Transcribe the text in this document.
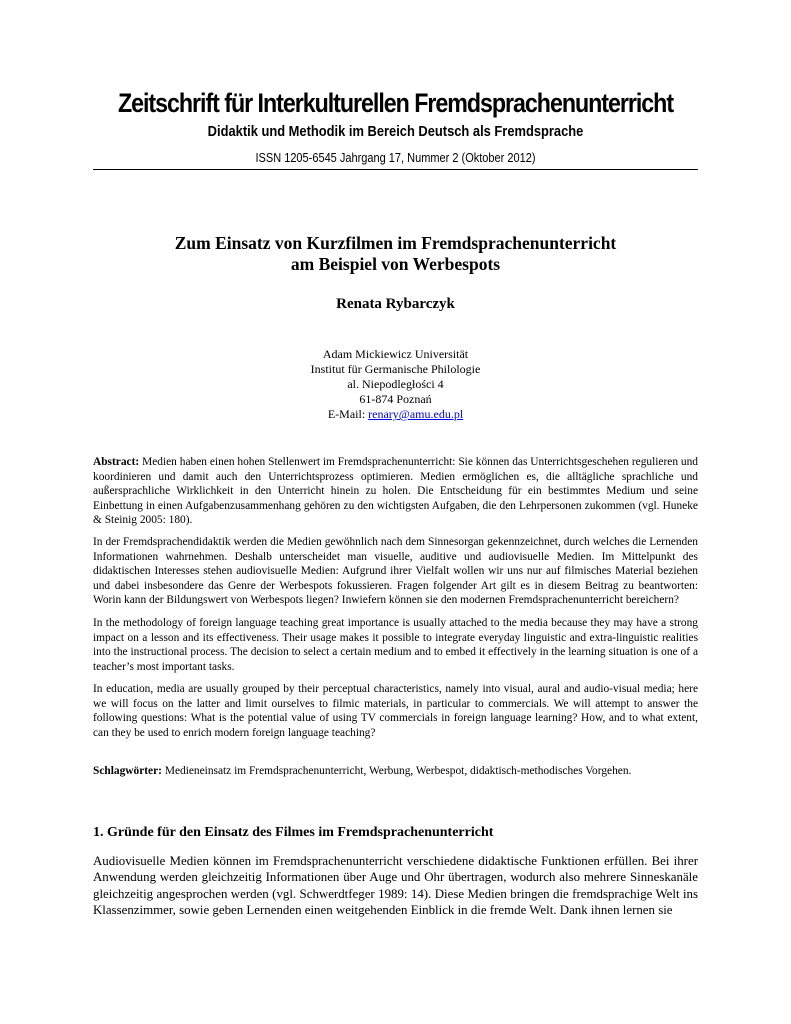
Zeitschrift für Interkulturellen Fremdsprachenunterricht
Didaktik und Methodik im Bereich Deutsch als Fremdsprache
ISSN 1205-6545 Jahrgang 17, Nummer 2 (Oktober 2012)
Zum Einsatz von Kurzfilmen im Fremdsprachenunterricht
am Beispiel von Werbespots
Renata Rybarczyk
Adam Mickiewicz Universität
Institut für Germanische Philologie
al. Niepodległości 4
61-874 Poznań
E-Mail: renary@amu.edu.pl

Abstract: Medien haben einen hohen Stellenwert im Fremdsprachenunterricht: Sie können das Unterrichtsgeschehen regulieren und koordinieren und damit auch den Unterrichtsprozess optimieren. Medien ermöglichen es, die alltägliche sprachliche und außersprachliche Wirklichkeit in den Unterricht hinein zu holen. Die Entscheidung für ein bestimmtes Medium und seine Einbettung in einen Aufgabenzusammenhang gehören zu den wichtigsten Aufgaben, die den Lehrpersonen zukommen (vgl. Huneke & Steinig 2005: 180).

In der Fremdsprachendidaktik werden die Medien gewöhnlich nach dem Sinnesorgan gekennzeichnet, durch welches die Lernenden Informationen wahrnehmen. Deshalb unterscheidet man visuelle, auditive und audiovisuelle Medien. Im Mittelpunkt des didaktischen Interesses stehen audiovisuelle Medien: Aufgrund ihrer Vielfalt wollen wir uns nur auf filmisches Material beziehen und dabei insbesondere das Genre der Werbespots fokussieren. Fragen folgender Art gilt es in diesem Beitrag zu beantworten: Worin kann der Bildungswert von Werbespots liegen? Inwiefern können sie den modernen Fremdsprachenunterricht bereichern?

In the methodology of foreign language teaching great importance is usually attached to the media because they may have a strong impact on a lesson and its effectiveness. Their usage makes it possible to integrate everyday linguistic and extra-linguistic realities into the instructional process. The decision to select a certain medium and to embed it effectively in the learning situation is one of a teacher’s most important tasks.

In education, media are usually grouped by their perceptual characteristics, namely into visual, aural and audio-visual media; here we will focus on the latter and limit ourselves to filmic materials, in particular to commercials. We will attempt to answer the following questions: What is the potential value of using TV commercials in foreign language learning? How, and to what extent, can they be used to enrich modern foreign language teaching?

Schlagwörter: Medieneinsatz im Fremdsprachenunterricht, Werbung, Werbespot, didaktisch-methodisches Vorgehen.

1. Gründe für den Einsatz des Filmes im Fremdsprachenunterricht

Audiovisuelle Medien können im Fremdsprachenunterricht verschiedene didaktische Funktionen erfüllen. Bei ihrer Anwendung werden gleichzeitig Informationen über Auge und Ohr übertragen, wodurch also mehrere Sinneskanäle gleichzeitig angesprochen werden (vgl. Schwerdtfeger 1989: 14). Diese Medien bringen die fremdsprachige Welt ins Klassenzimmer, sowie geben Lernenden einen weitgehenden Einblick in die fremde Welt. Dank ihnen lernen sie
